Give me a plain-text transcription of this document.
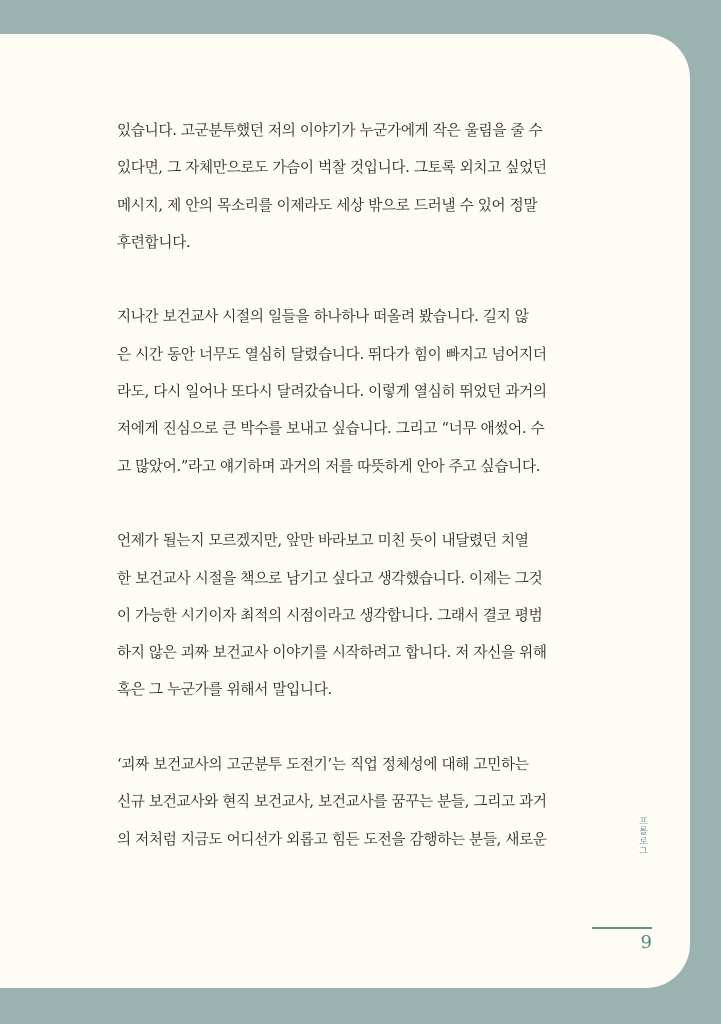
있습니다. 고군분투했던 저의 이야기가 누군가에게 작은 울림을 줄 수
있다면, 그 자체만으로도 가슴이 벅찰 것입니다. 그토록 외치고 싶었던
메시지, 제 안의 목소리를 이제라도 세상 밖으로 드러낼 수 있어 정말
후련합니다.
지나간 보건교사 시절의 일들을 하나하나 떠올려 봤습니다. 길지 않
은 시간 동안 너무도 열심히 달렸습니다. 뛰다가 힘이 빠지고 넘어지더
라도, 다시 일어나 또다시 달려갔습니다. 이렇게 열심히 뛰었던 과거의
저에게 진심으로 큰 박수를 보내고 싶습니다. 그리고 “너무 애썼어. 수
고 많았어.”라고 얘기하며 과거의 저를 따뜻하게 안아 주고 싶습니다.
언제가 될는지 모르겠지만, 앞만 바라보고 미친 듯이 내달렸던 치열
한 보건교사 시절을 책으로 남기고 싶다고 생각했습니다. 이제는 그것
이 가능한 시기이자 최적의 시점이라고 생각합니다. 그래서 결코 평범
하지 않은 괴짜 보건교사 이야기를 시작하려고 합니다. 저 자신을 위해
혹은 그 누군가를 위해서 말입니다.
‘괴짜 보건교사의 고군분투 도전기’는 직업 정체성에 대해 고민하는
신규 보건교사와 현직 보건교사, 보건교사를 꿈꾸는 분들, 그리고 과거
의 저처럼 지금도 어디선가 외롭고 힘든 도전을 감행하는 분들, 새로운	프롤로그
9
